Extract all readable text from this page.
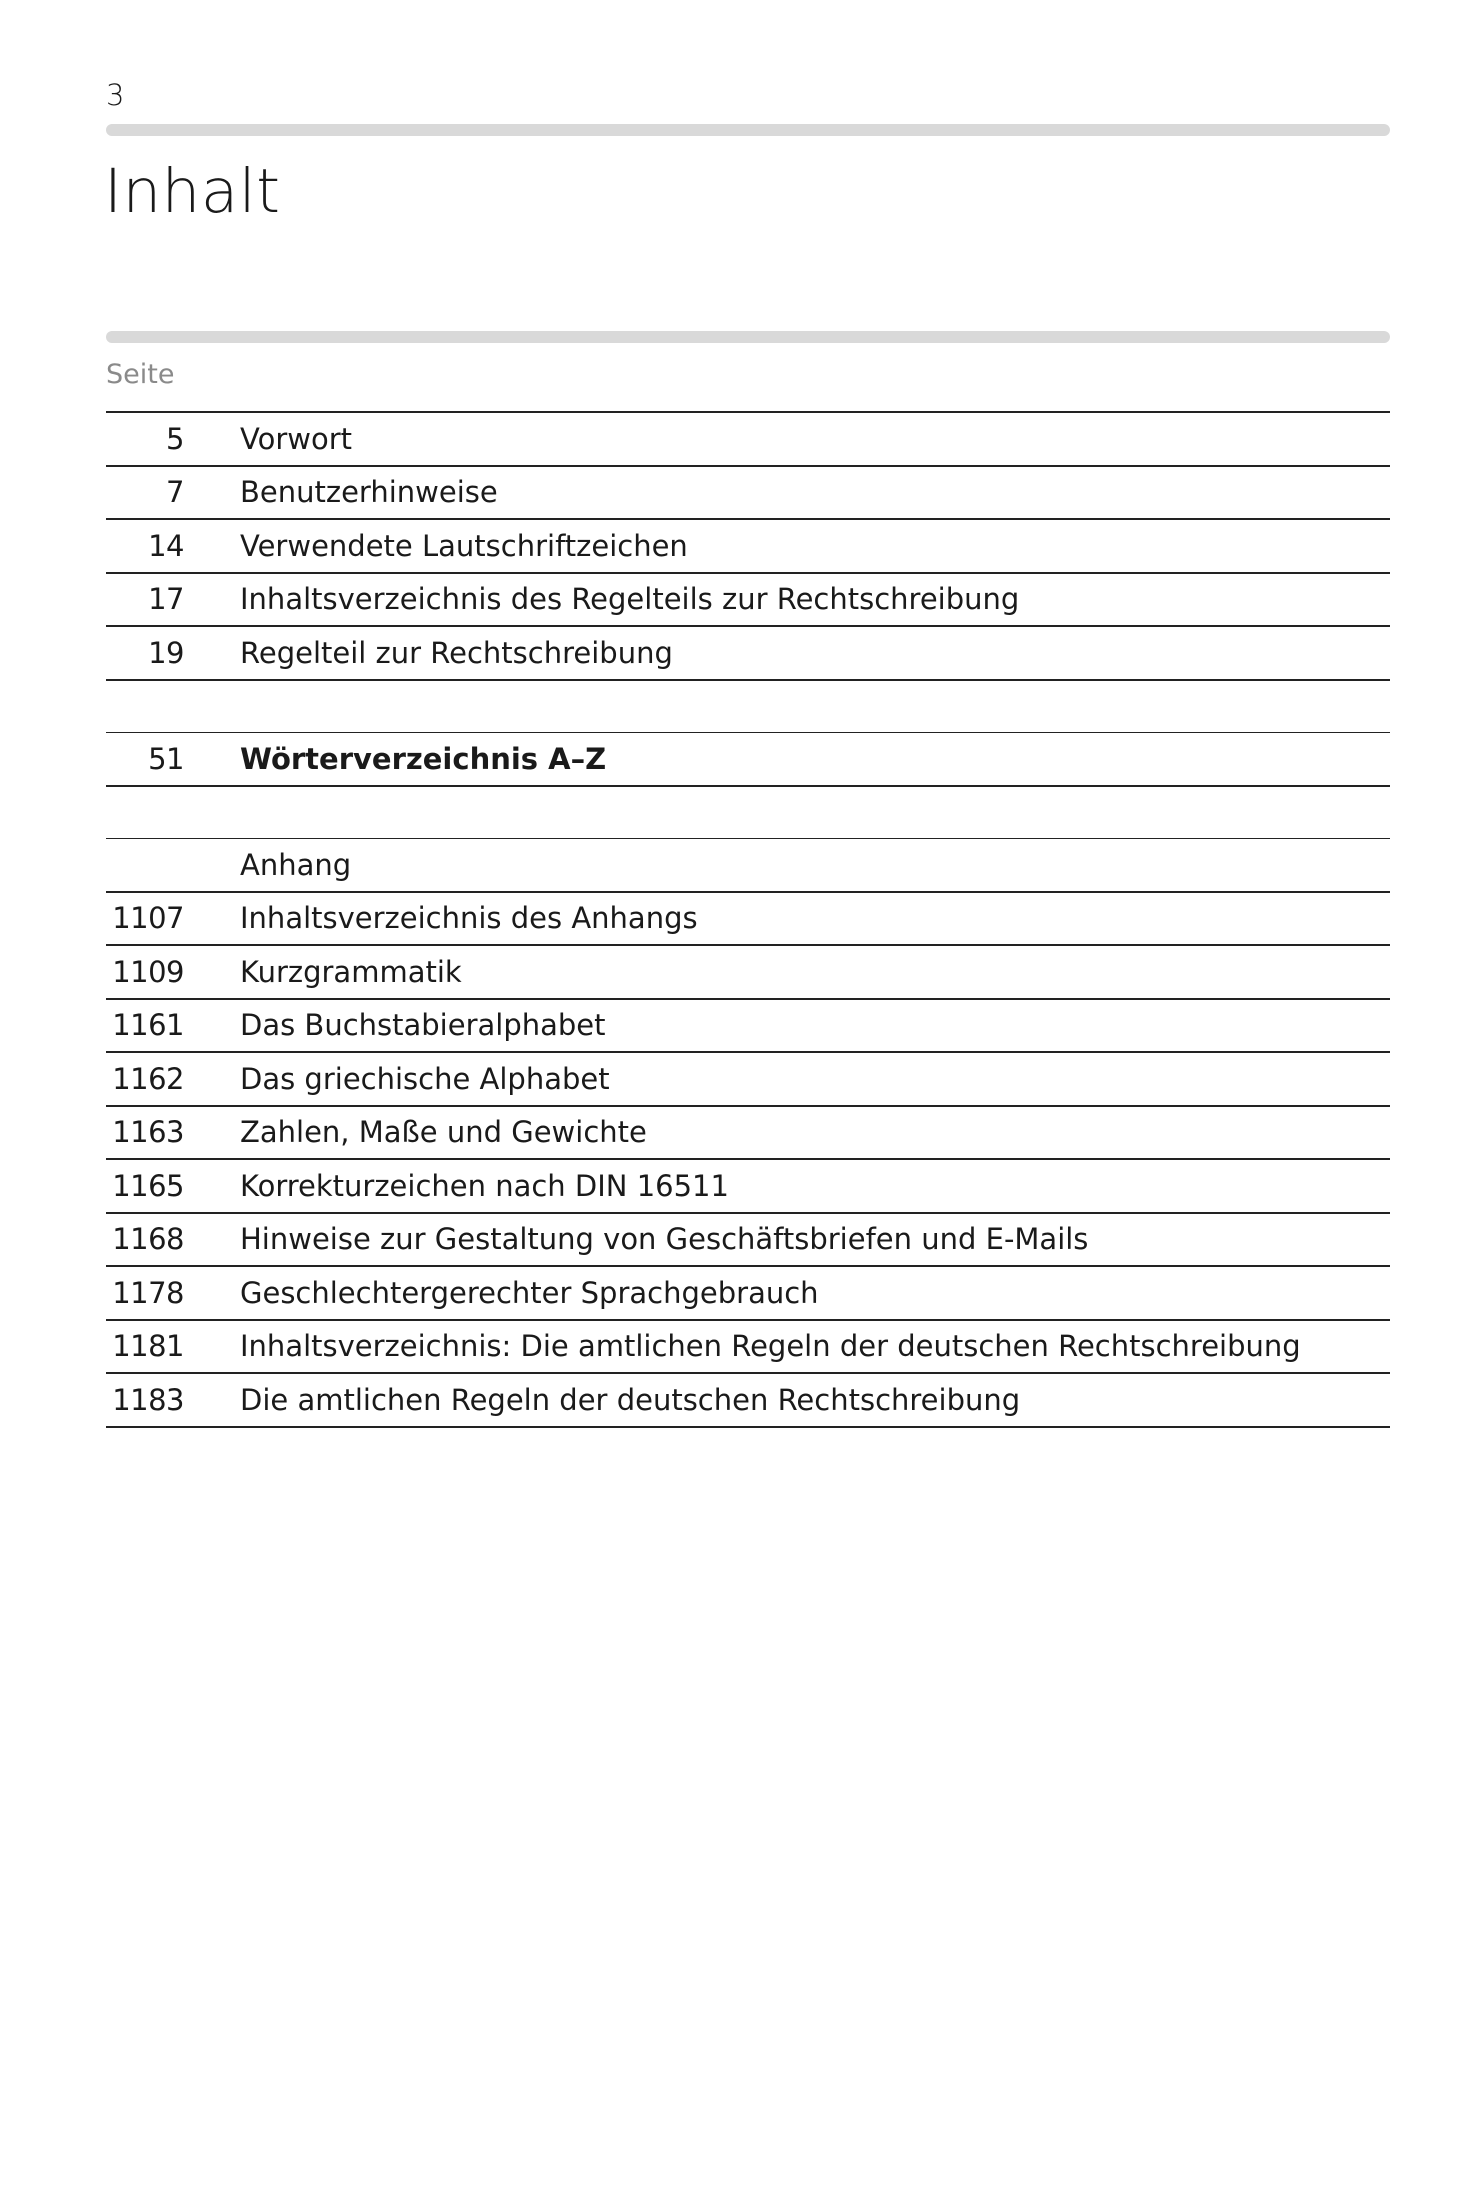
3
Inhalt
Seite
5 Vorwort
7 Benutzerhinweise
14 Verwendete Lautschriftzeichen
17 Inhaltsverzeichnis des Regelteils zur Rechtschreibung
19 Regelteil zur Rechtschreibung
51 Wörterverzeichnis A–Z
Anhang
1107 Inhaltsverzeichnis des Anhangs
1109 Kurzgrammatik
1161 Das Buchstabieralphabet
1162 Das griechische Alphabet
1163 Zahlen, Maße und Gewichte
1165 Korrekturzeichen nach DIN 16511
1168 Hinweise zur Gestaltung von Geschäftsbriefen und E-Mails
1178 Geschlechtergerechter Sprachgebrauch
1181 Inhaltsverzeichnis: Die amtlichen Regeln der deutschen Rechtschreibung
1183 Die amtlichen Regeln der deutschen Rechtschreibung
